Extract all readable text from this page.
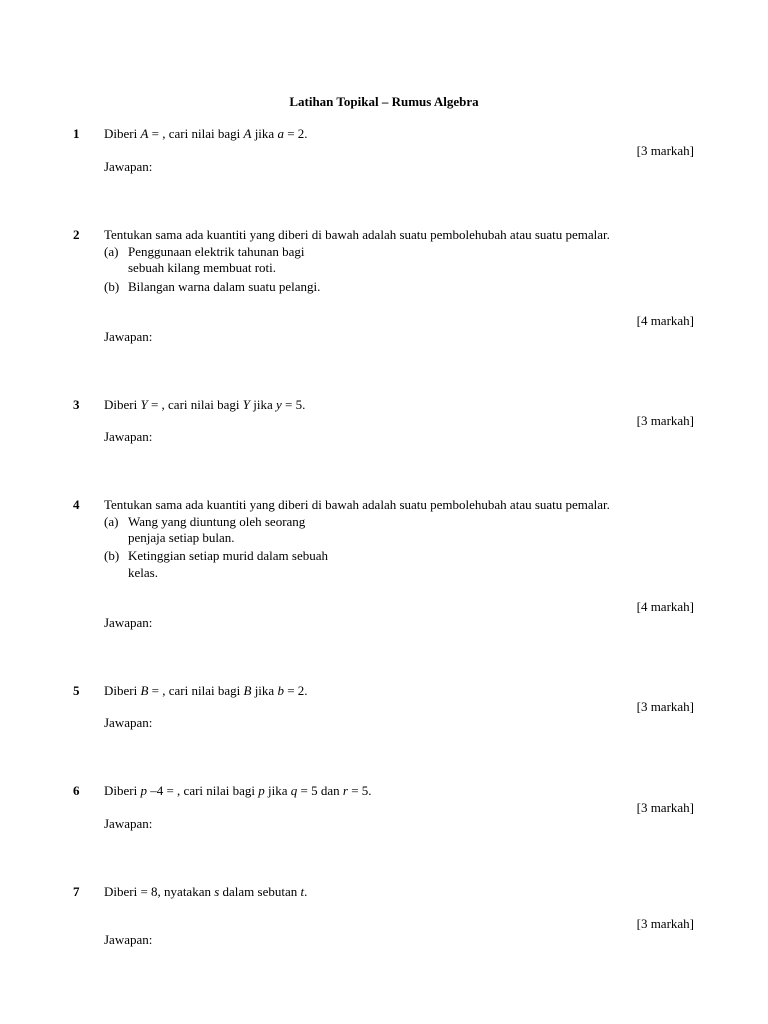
Latihan Topikal – Rumus Algebra
1 Diberi A = , cari nilai bagi A jika a = 2.
[3 markah]
Jawapan:
2 Tentukan sama ada kuantiti yang diberi di bawah adalah suatu pembolehubah atau suatu pemalar.
(a) Penggunaan elektrik tahunan bagi
sebuah kilang membuat roti.
(b) Bilangan warna dalam suatu pelangi.
[4 markah]
Jawapan:
3 Diberi Y = , cari nilai bagi Y jika y = 5.
[3 markah]
Jawapan:
4 Tentukan sama ada kuantiti yang diberi di bawah adalah suatu pembolehubah atau suatu pemalar.
(a) Wang yang diuntung oleh seorang
penjaja setiap bulan.
(b) Ketinggian setiap murid dalam sebuah
kelas.
[4 markah]
Jawapan:
5 Diberi B = , cari nilai bagi B jika b = 2.
[3 markah]
Jawapan:
6 Diberi p –4 = , cari nilai bagi p jika q = 5 dan r = 5.
[3 markah]
Jawapan:
7 Diberi = 8, nyatakan s dalam sebutan t.
[3 markah]
Jawapan:
